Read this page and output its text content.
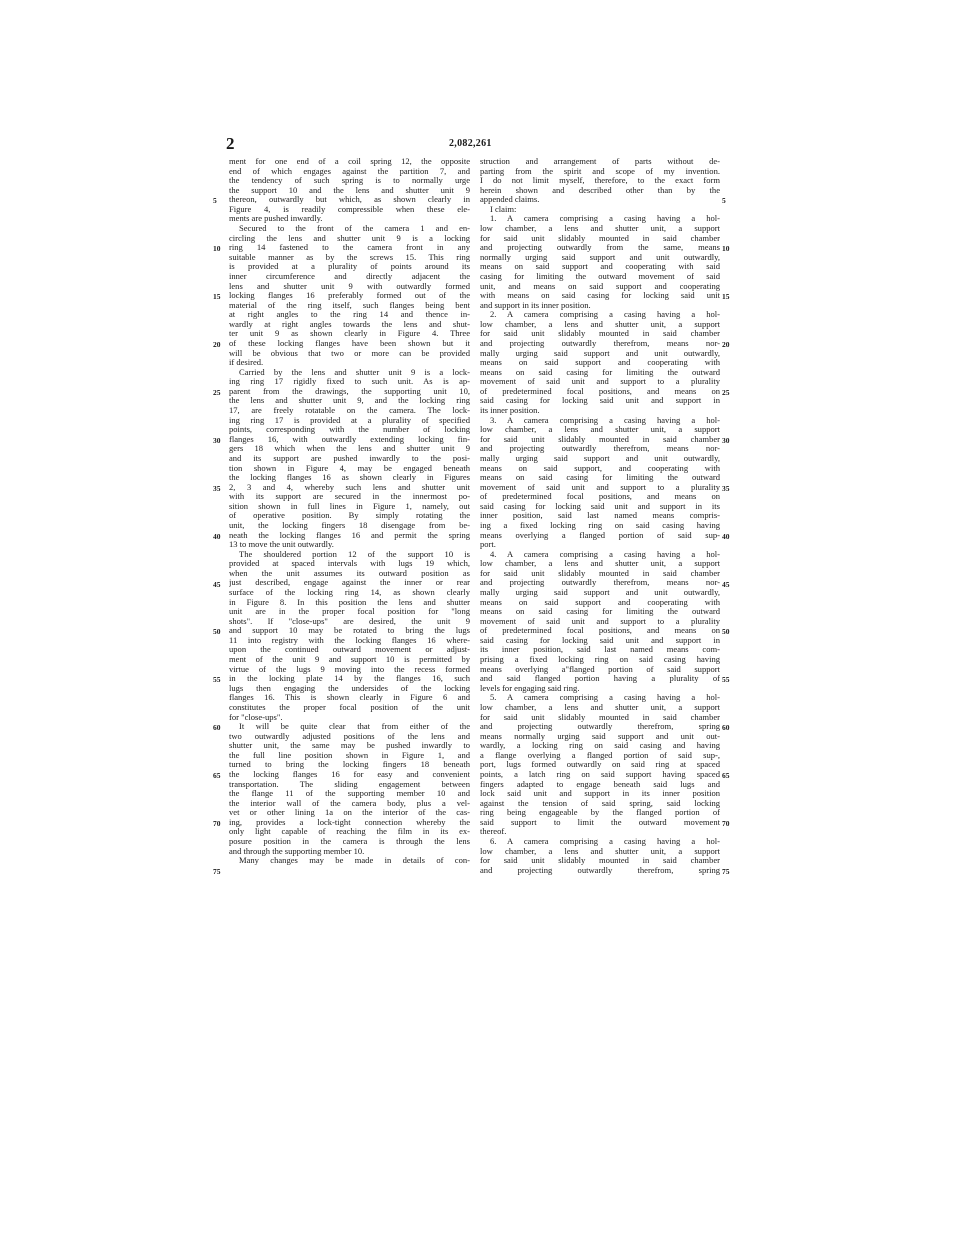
2	2,082,261
ment for one end of a coil spring 12, the opposite
end of which engages against the partition 7, and
the tendency of such spring is to normally urge
the support 10 and the lens and shutter unit 9
thereon, outwardly but which, as shown clearly in
Figure 4, is readily compressible when these ele-
ments are pushed inwardly.
Secured to the front of the camera 1 and en-
circling the lens and shutter unit 9 is a locking
ring 14 fastened to the camera front in any
suitable manner as by the screws 15. This ring
is provided at a plurality of points around its
inner circumference and directly adjacent the
lens and shutter unit 9 with outwardly formed
locking flanges 16 preferably formed out of the
material of the ring itself, such flanges being bent
at right angles to the ring 14 and thence in-
wardly at right angles towards the lens and shut-
ter unit 9 as shown clearly in Figure 4. Three
of these locking flanges have been shown but it
will be obvious that two or more can be provided
if desired.
Carried by the lens and shutter unit 9 is a lock-
ing ring 17 rigidly fixed to such unit. As is ap-
parent from the drawings, the supporting unit 10,
the lens and shutter unit 9, and the locking ring
17, are freely rotatable on the camera. The lock-
ing ring 17 is provided at a plurality of specified
points, corresponding with the number of locking
flanges 16, with outwardly extending locking fin-
gers 18 which when the lens and shutter unit 9
and its support are pushed inwardly to the posi-
tion shown in Figure 4, may be engaged beneath
the locking flanges 16 as shown clearly in Figures
2, 3 and 4, whereby such lens and shutter unit
with its support are secured in the innermost po-
sition shown in full lines in Figure 1, namely, out
of operative position. By simply rotating the
unit, the locking fingers 18 disengage from be-
neath the locking flanges 16 and permit the spring
13 to move the unit outwardly.
The shouldered portion 12 of the support 10 is
provided at spaced intervals with lugs 19 which,
when the unit assumes its outward position as
just described, engage against the inner or rear
surface of the locking ring 14, as shown clearly
in Figure 8. In this position the lens and shutter
unit are in the proper focal position for "long
shots". If "close-ups" are desired, the unit 9
and support 10 may be rotated to bring the lugs
11 into registry with the locking flanges 16 where-
upon the continued outward movement or adjust-
ment of the unit 9 and support 10 is permitted by
virtue of the lugs 9 moving into the recess formed
in the locking plate 14 by the flanges 16, such
lugs then engaging the undersides of the locking
flanges 16. This is shown clearly in Figure 6 and
constitutes the proper focal position of the unit
for "close-ups".
It will be quite clear that from either of the
two outwardly adjusted positions of the lens and
shutter unit, the same may be pushed inwardly to
the full line position shown in Figure 1, and
turned to bring the locking fingers 18 beneath
the locking flanges 16 for easy and convenient
transportation. The sliding engagement between
the flange 11 of the supporting member 10 and
the interior wall of the camera body, plus a vel-
vet or other lining 1a on the interior of the cas-
ing, provides a lock-tight connection whereby the
only light capable of reaching the film in its ex-
posure position in the camera is through the lens
and through the supporting member 10.
Many changes may be made in details of con-
struction and arrangement of parts without de-
parting from the spirit and scope of my invention.
I do not limit myself, therefore, to the exact form
herein shown and described other than by the
appended claims.
I claim:
1. A camera comprising a casing having a hol-
low chamber, a lens and shutter unit, a support
for said unit slidably mounted in said chamber
and projecting outwardly from the same, means
normally urging said support and unit outwardly,
means on said support and cooperating with said
casing for limiting the outward movement of said
unit, and means on said support and cooperating
with means on said casing for locking said unit
and support in its inner position.
2. A camera comprising a casing having a hol-
low chamber, a lens and shutter unit, a support
for said unit slidably mounted in said chamber
and projecting outwardly therefrom, means nor-
mally urging said support and unit outwardly,
means on said support and cooperating with
means on said casing for limiting the outward
movement of said unit and support to a plurality
of predetermined focal positions, and means on
said casing for locking said unit and support in
its inner position.
3. A camera comprising a casing having a hol-
low chamber, a lens and shutter unit, a support
for said unit slidably mounted in said chamber
and projecting outwardly therefrom, means nor-
mally urging said support and unit outwardly,
means on said support, and cooperating with
means on said casing for limiting the outward
movement of said unit and support to a plurality
of predetermined focal positions, and means on
said casing for locking said unit and support in its
inner position, said last named means compris-
ing a fixed locking ring on said casing having
means overlying a flanged portion of said sup-
port.
4. A camera comprising a casing having a hol-
low chamber, a lens and shutter unit, a support
for said unit slidably mounted in said chamber
and projecting outwardly therefrom, means nor-
mally urging said support and unit outwardly,
means on said support and cooperating with
means on said casing for limiting the outward
movement of said unit and support to a plurality
of predetermined focal positions, and means on
said casing for locking said unit and support in
its inner position, said last named means com-
prising a fixed locking ring on said casing having
means overlying a"flanged portion of said support
and said flanged portion having a plurality of
levels for engaging said ring.
5. A camera comprising a casing having a hol-
low chamber, a lens and shutter unit, a support
for said unit slidably mounted in said chamber
and projecting outwardly therefrom, spring
means normally urging said support and unit out-
wardly, a locking ring on said casing and having
a flange overlying a flanged portion of said sup-,
port, lugs formed outwardly on said ring at spaced
points, a latch ring on said support having spaced
fingers adapted to engage beneath said lugs and
lock said unit and support in its inner position
against the tension of said spring, said locking
ring being engageable by the flanged portion of
said support to limit the outward movement
thereof.
6. A camera comprising a casing having a hol-
low chamber, a lens and shutter unit, a support
for said unit slidably mounted in said chamber
and projecting outwardly therefrom, spring
5
10
15
20
25
30
35
40
45
50
55
60
65
70
75
5
10
15
20
25
30
35
40
45
50
55
60
65
70
75
